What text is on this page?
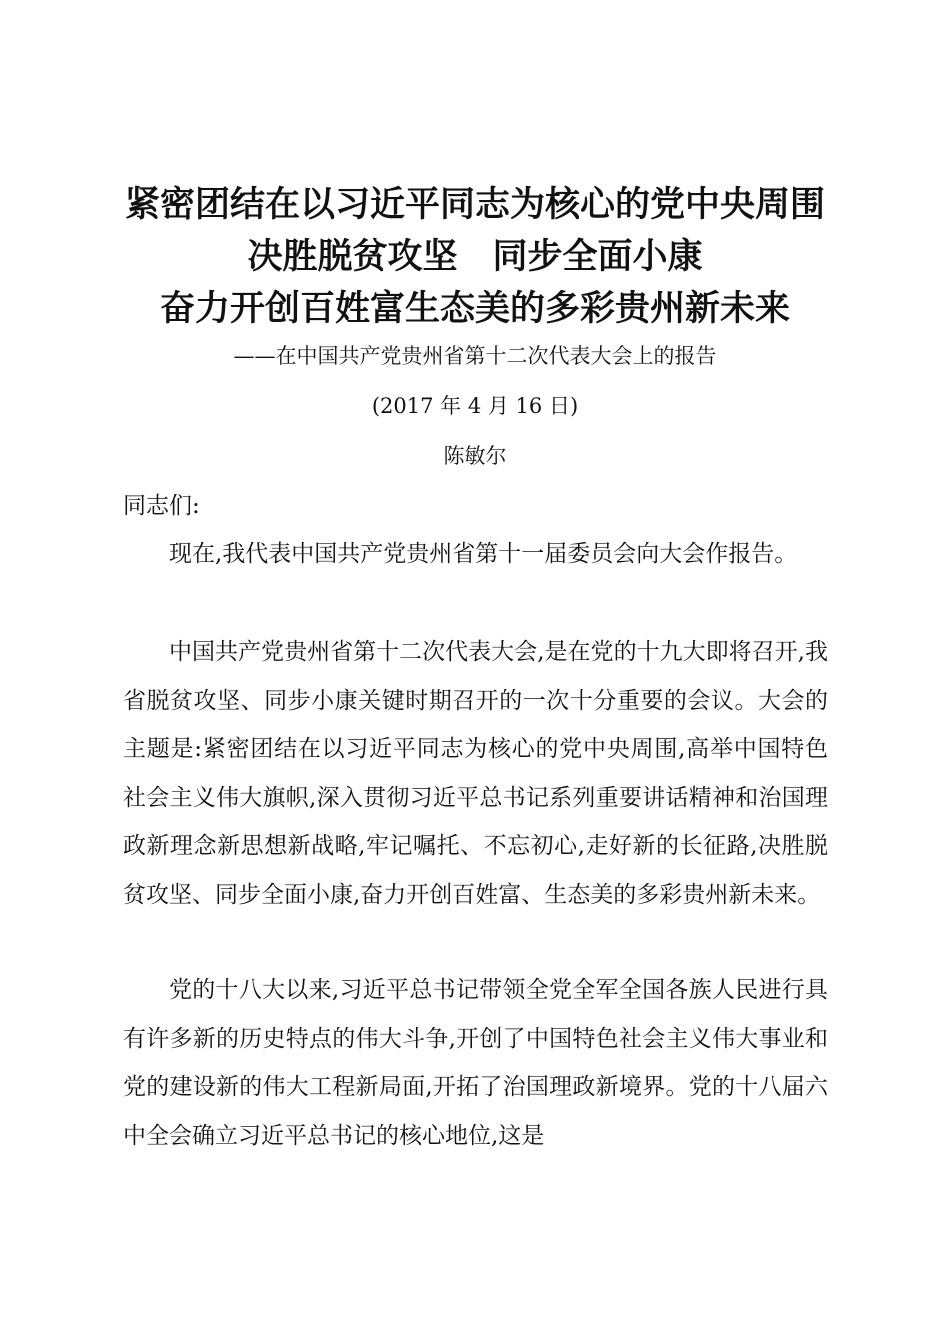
紧密团结在以习近平同志为核心的党中央周围
决胜脱贫攻坚　同步全面小康
奋力开创百姓富生态美的多彩贵州新未来
——在中国共产党贵州省第十二次代表大会上的报告
(2017 年 4 月 16 日)
陈敏尔

同志们:

现在,我代表中国共产党贵州省第十一届委员会向大会作报告。

中国共产党贵州省第十二次代表大会,是在党的十九大即将召开,我省脱贫攻坚、同步小康关键时期召开的一次十分重要的会议。大会的主题是:紧密团结在以习近平同志为核心的党中央周围,高举中国特色社会主义伟大旗帜,深入贯彻习近平总书记系列重要讲话精神和治国理政新理念新思想新战略,牢记嘱托、不忘初心,走好新的长征路,决胜脱贫攻坚、同步全面小康,奋力开创百姓富、生态美的多彩贵州新未来。

党的十八大以来,习近平总书记带领全党全军全国各族人民进行具有许多新的历史特点的伟大斗争,开创了中国特色社会主义伟大事业和党的建设新的伟大工程新局面,开拓了治国理政新境界。党的十八届六中全会确立习近平总书记的核心地位,这是
